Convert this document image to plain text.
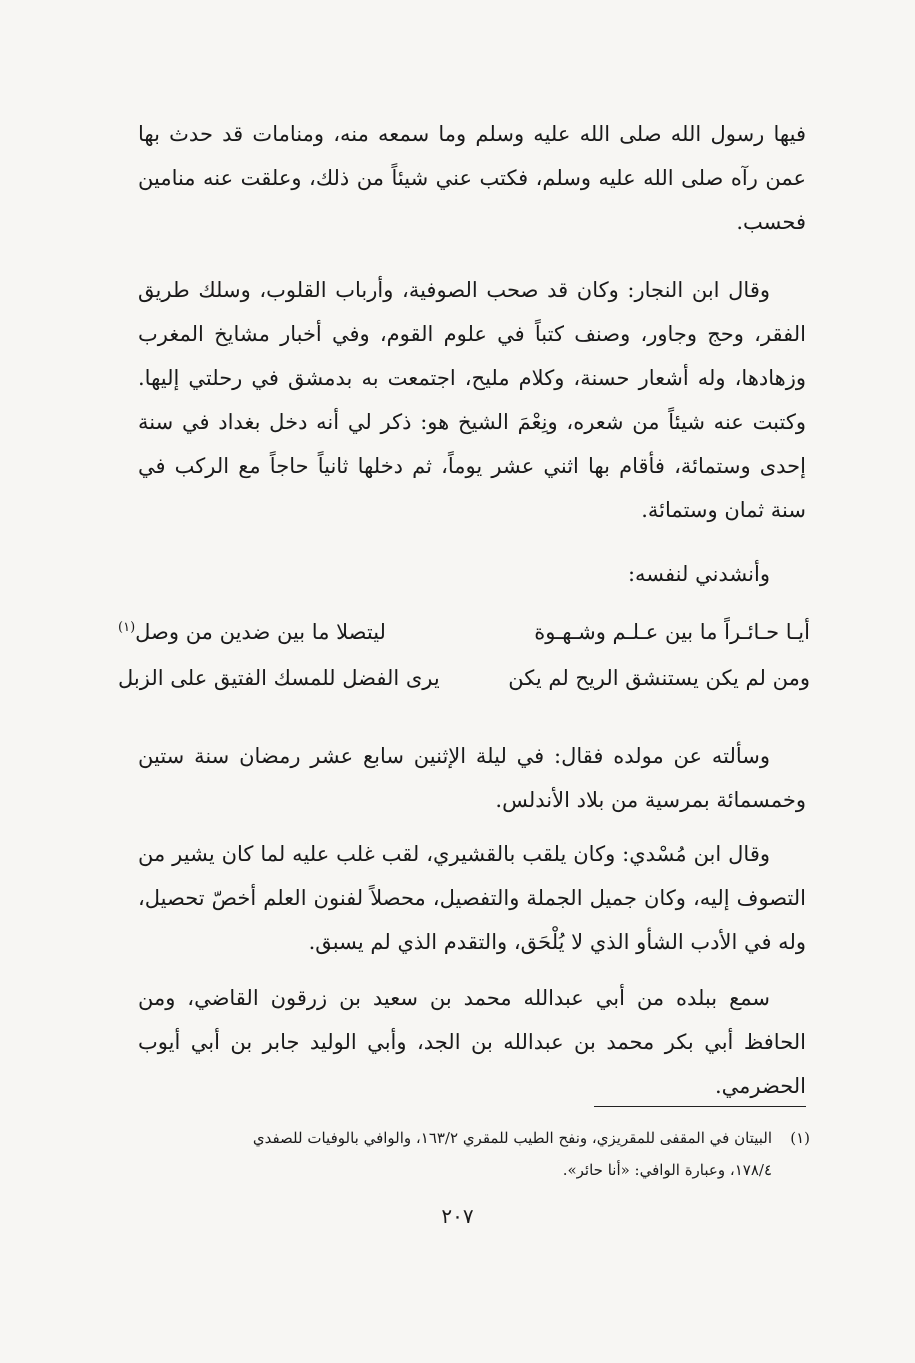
فيها رسول الله صلى الله عليه وسلم وما سمعه منه، ومنامات قد حدث بها عمن رآه صلى الله عليه وسلم، فكتب عني شيئاً من ذلك، وعلقت عنه منامين فحسب.
وقال ابن النجار: وكان قد صحب الصوفية، وأرباب القلوب، وسلك طريق الفقر، وحج وجاور، وصنف كتباً في علوم القوم، وفي أخبار مشايخ المغرب وزهادها، وله أشعار حسنة، وكلام مليح، اجتمعت به بدمشق في رحلتي إليها. وكتبت عنه شيئاً من شعره، ونِعْمَ الشيخ هو: ذكر لي أنه دخل بغداد في سنة إحدى وستمائة، فأقام بها اثني عشر يوماً، ثم دخلها ثانياً حاجاً مع الركب في سنة ثمان وستمائة.
وأنشدني لنفسه:
أيـا حـائـراً ما بين عـلـم وشـهـوة
ليتصلا ما بين ضدين من وصل$^{(١)}$
ومن لم يكن يستنشق الريح لم يكن
يرى الفضل للمسك الفتيق على الزبل
وسألته عن مولده فقال: في ليلة الإثنين سابع عشر رمضان سنة ستين وخمسمائة بمرسية من بلاد الأندلس.
وقال ابن مُسْدي: وكان يلقب بالقشيري، لقب غلب عليه لما كان يشير من التصوف إليه، وكان جميل الجملة والتفصيل، محصلاً لفنون العلم أخصّ تحصيل، وله في الأدب الشأو الذي لا يُلْحَق، والتقدم الذي لم يسبق.
سمع ببلده من أبي عبدالله محمد بن سعيد بن زرقون القاضي، ومن الحافظ أبي بكر محمد بن عبدالله بن الجد، وأبي الوليد جابر بن أبي أيوب الحضرمي.
(١)البيتان في المقفى للمقريزي، ونفح الطيب للمقري ١٦٣/٢، والوافي بالوفيات للصفدي
١٧٨/٤، وعبارة الوافي: «أنا حائر».
٢٠٧
